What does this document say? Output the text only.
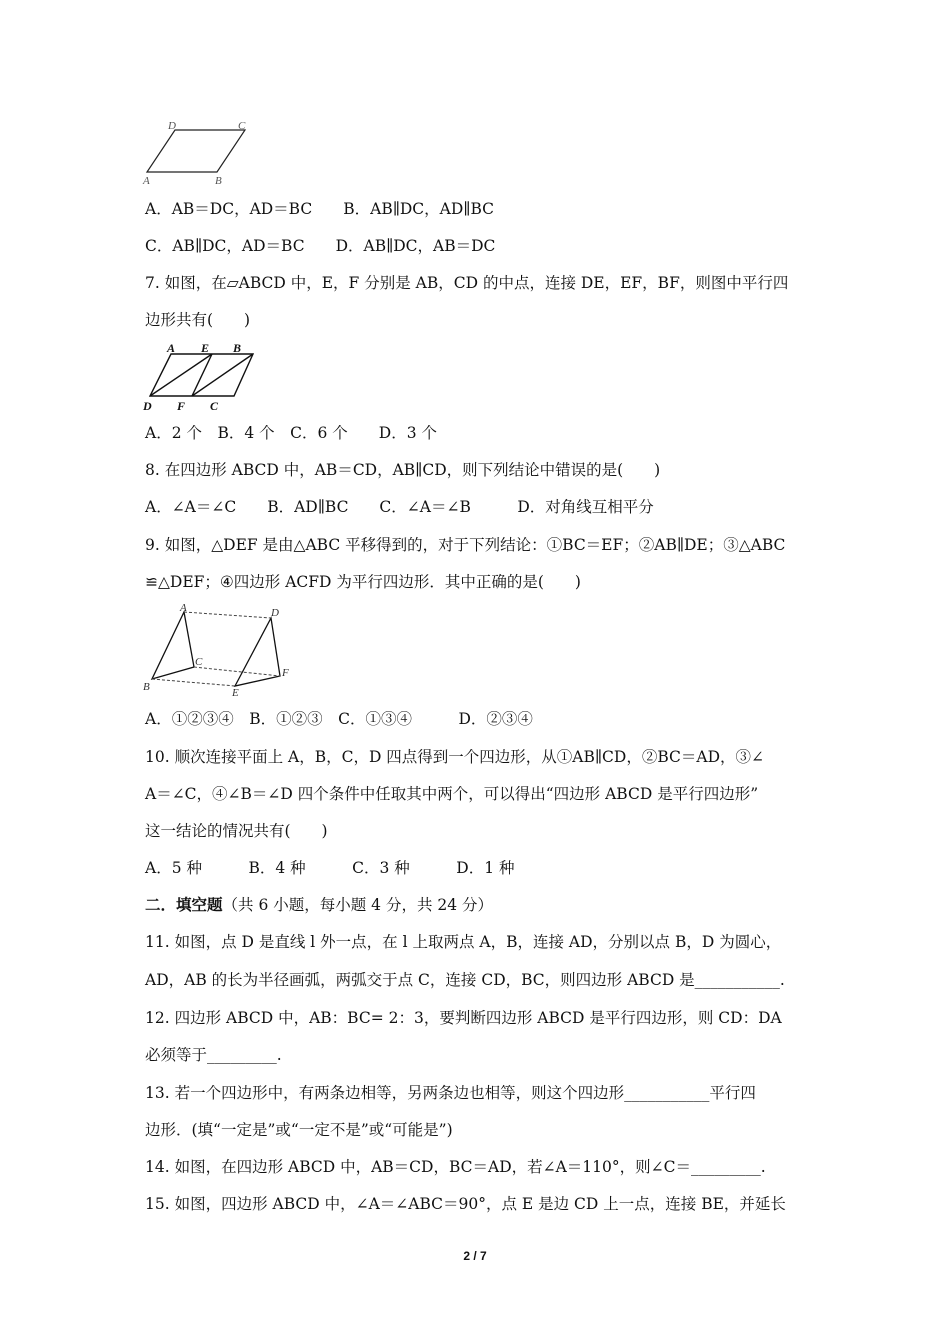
D	C
A	B
A．AB＝DC，AD＝BC　　 B．AB∥DC，AD∥BC
C．AB∥DC，AD＝BC　　 D．AB∥DC，AB＝DC
7. 如图，在▱ABCD 中，E，F 分别是 AB，CD 的中点，连接 DE，EF，BF，则图中平行四
边形共有(　　)
A E B
D F C
A．2 个　B．4 个　C．6 个　　D．3 个
8. 在四边形 ABCD 中，AB＝CD，AB∥CD，则下列结论中错误的是(　　)
A．∠A＝∠C　　B．AD∥BC　　C．∠A＝∠B　　　D．对角线互相平分
9. 如图，△DEF 是由△ABC 平移得到的，对于下列结论：①BC＝EF；②AB∥DE；③△ABC
≌△DEF；④四边形 ACFD 为平行四边形．其中正确的是(　　)
A	D
C
F
B	E
A．①②③④　B．①②③　C．①③④　　　D．②③④
10. 顺次连接平面上 A，B，C，D 四点得到一个四边形，从①AB∥CD，②BC＝AD，③∠
A＝∠C，④∠B＝∠D 四个条件中任取其中两个，可以得出“四边形 ABCD 是平行四边形”
这一结论的情况共有(　　)
A．5 种　　　B．4 种　　　C．3 种　　　D．1 种
二．填空题（共 6 小题，每小题 4 分，共 24 分）
11. 如图，点 D 是直线 l 外一点，在 l 上取两点 A，B，连接 AD，分别以点 B，D 为圆心，
AD，AB 的长为半径画弧，两弧交于点 C，连接 CD，BC，则四边形 ABCD 是___________.
12. 四边形 ABCD 中，AB：BC= 2：3，要判断四边形 ABCD 是平行四边形，则 CD：DA
必须等于_________.
13. 若一个四边形中，有两条边相等，另两条边也相等，则这个四边形___________平行四
边形．(填“一定是”或“一定不是”或“可能是”)
14. 如图，在四边形 ABCD 中，AB＝CD，BC＝AD，若∠A＝110°，则∠C＝_________.
15. 如图，四边形 ABCD 中，∠A＝∠ABC＝90°，点 E 是边 CD 上一点，连接 BE，并延长
2 / 7
